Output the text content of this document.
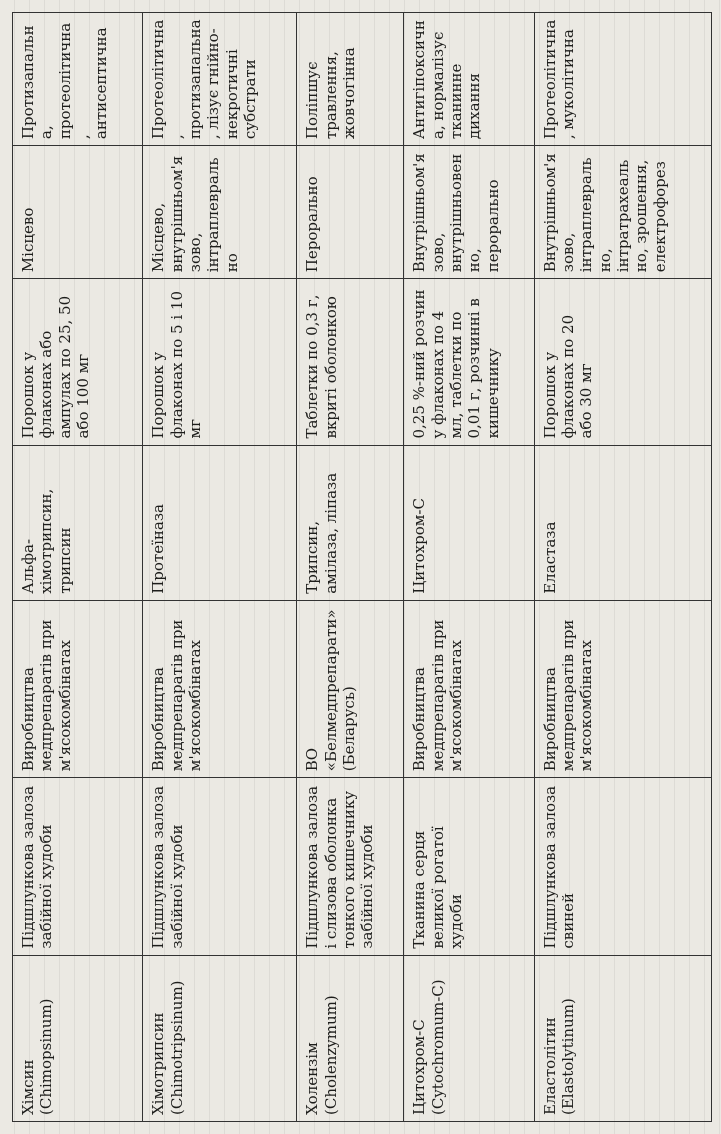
Хімсин (Chimopsinum)	Підшлункова залоза забійної худоби	Виробництва медпрепаратів при м'ясокомбінатах	Альфа-хімотрипсин, трипсин	Порошок у флаконах або ампулах по 25, 50 або 100 мг	Місцево	Протизапальна, протеолітична, антисептична
Хімотрипсин (Chimotripsinum)	Підшлункова залоза забійної худоби	Виробництва медпрепаратів при м'ясокомбінатах	Протеїназа	Порошок у флаконах по 5 і 10 мг	Місцево, внутрішньом'язово, інтраплеврально	Протеолітична, протизапальна, лізує гнійно-некротичні субстрати
Холензім (Cholenzymum)	Підшлункова залоза і слизова оболонка тонкого кишечнику забійної худоби	ВО «Белмедпрепарати» (Беларусь)	Трипсин, амілаза, ліпаза	Таблетки по 0,3 г, вкриті оболонкою	Перорально	Поліпшує травлення, жовчогінна
Цитохром-С (Cytochromum-C)	Тканина серця великої рогатої худоби	Виробництва медпрепаратів при м'ясокомбінатах	Цитохром-С	0,25 %-ний розчин у флаконах по 4 мл, таблетки по 0,01 г, розчинні в кишечнику	Внутрішньом'язово, внутрішньовенно, перорально	Антигіпоксична, нормалізує тканинне дихання
Еластолітин (Elastolytinum)	Підшлункова залоза свиней	Виробництва медпрепаратів при м'ясокомбінатах	Еластаза	Порошок у флаконах по 20 або 30 мг	Внутрішньом'язово, інтраплеврально, інтратрахеально, зрошення, електрофорез	Протеолітична, муколітична
